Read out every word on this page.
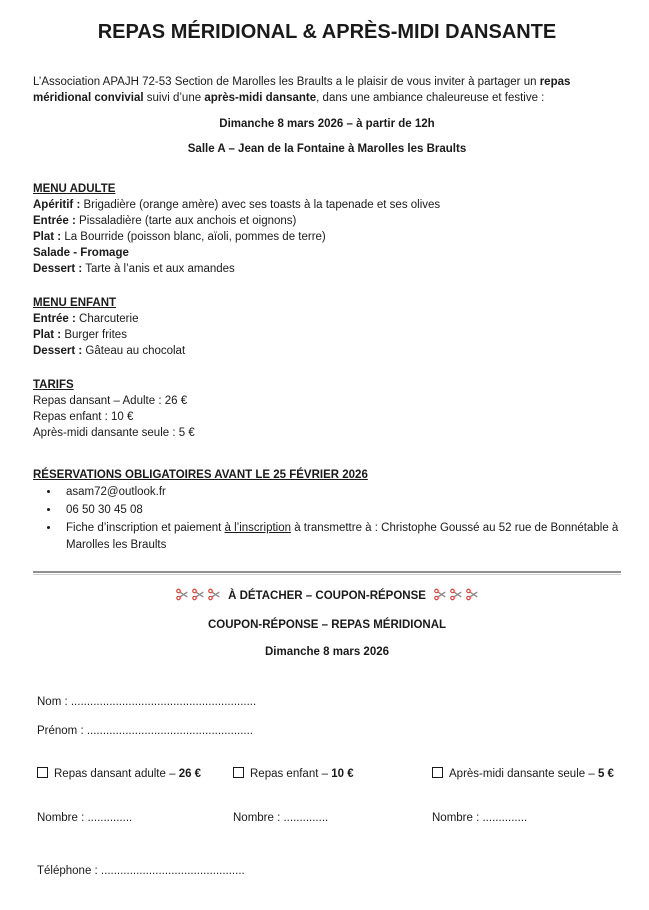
REPAS MÉRIDIONAL & APRÈS-MIDI DANSANTE

L’Association APAJH 72-53 Section de Marolles les Braults a le plaisir de vous inviter à partager un repas méridional convivial suivi d’une après-midi dansante, dans une ambiance chaleureuse et festive :

Dimanche 8 mars 2026 – à partir de 12h

Salle A – Jean de la Fontaine à Marolles les Braults

MENU ADULTE

Apéritif : Brigadière (orange amère) avec ses toasts à la tapenade et ses olives

Entrée : Pissaladière (tarte aux anchois et oignons)

Plat : La Bourride (poisson blanc, aïoli, pommes de terre)

Salade - Fromage

Dessert : Tarte à l’anis et aux amandes

MENU ENFANT

Entrée : Charcuterie

Plat : Burger frites

Dessert : Gâteau au chocolat

TARIFS

Repas dansant – Adulte : 26 €

Repas enfant : 10 €

Après-midi dansante seule : 5 €

RÉSERVATIONS OBLIGATOIRES AVANT LE 25 FÉVRIER 2026

• asam72@outlook.fr
• 06 50 30 45 08
• Fiche d’inscription et paiement à l’inscription à transmettre à : Christophe Goussé au 52 rue de Bonnétable à Marolles les Braults

À DÉTACHER – COUPON-RÉPONSE

COUPON-RÉPONSE – REPAS MÉRIDIONAL

Dimanche 8 mars 2026

Nom : ..........................................................

Prénom : ....................................................

Repas dansant adulte – 26 €	Repas enfant – 10 €	Après-midi dansante seule – 5 €
Nombre : ..............	Nombre : ..............	Nombre : ..............

Téléphone : .............................................
